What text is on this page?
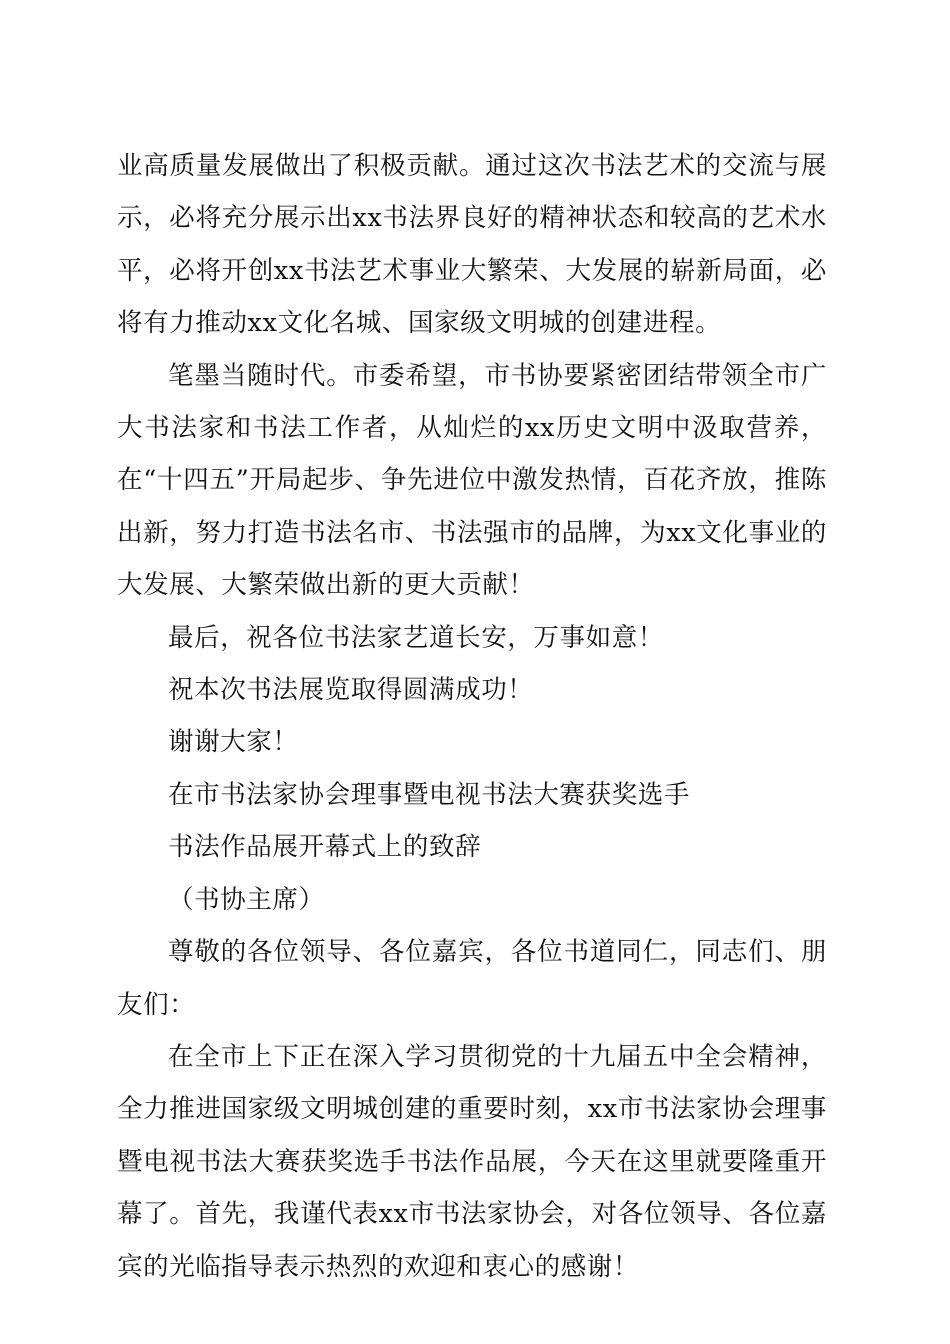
业高质量发展做出了积极贡献。通过这次书法艺术的交流与展示，必将充分展示出xx书法界良好的精神状态和较高的艺术水平，必将开创xx书法艺术事业大繁荣、大发展的崭新局面，必将有力推动xx文化名城、国家级文明城的创建进程。

笔墨当随时代。市委希望，市书协要紧密团结带领全市广大书法家和书法工作者，从灿烂的xx历史文明中汲取营养，在“十四五”开局起步、争先进位中激发热情，百花齐放，推陈出新，努力打造书法名市、书法强市的品牌，为xx文化事业的大发展、大繁荣做出新的更大贡献！

最后，祝各位书法家艺道长安，万事如意！

祝本次书法展览取得圆满成功！

谢谢大家！

在市书法家协会理事暨电视书法大赛获奖选手

书法作品展开幕式上的致辞

（书协主席）

尊敬的各位领导、各位嘉宾，各位书道同仁，同志们、朋友们：

在全市上下正在深入学习贯彻党的十九届五中全会精神，全力推进国家级文明城创建的重要时刻，xx市书法家协会理事暨电视书法大赛获奖选手书法作品展，今天在这里就要隆重开幕了。首先，我谨代表xx市书法家协会，对各位领导、各位嘉宾的光临指导表示热烈的欢迎和衷心的感谢！
